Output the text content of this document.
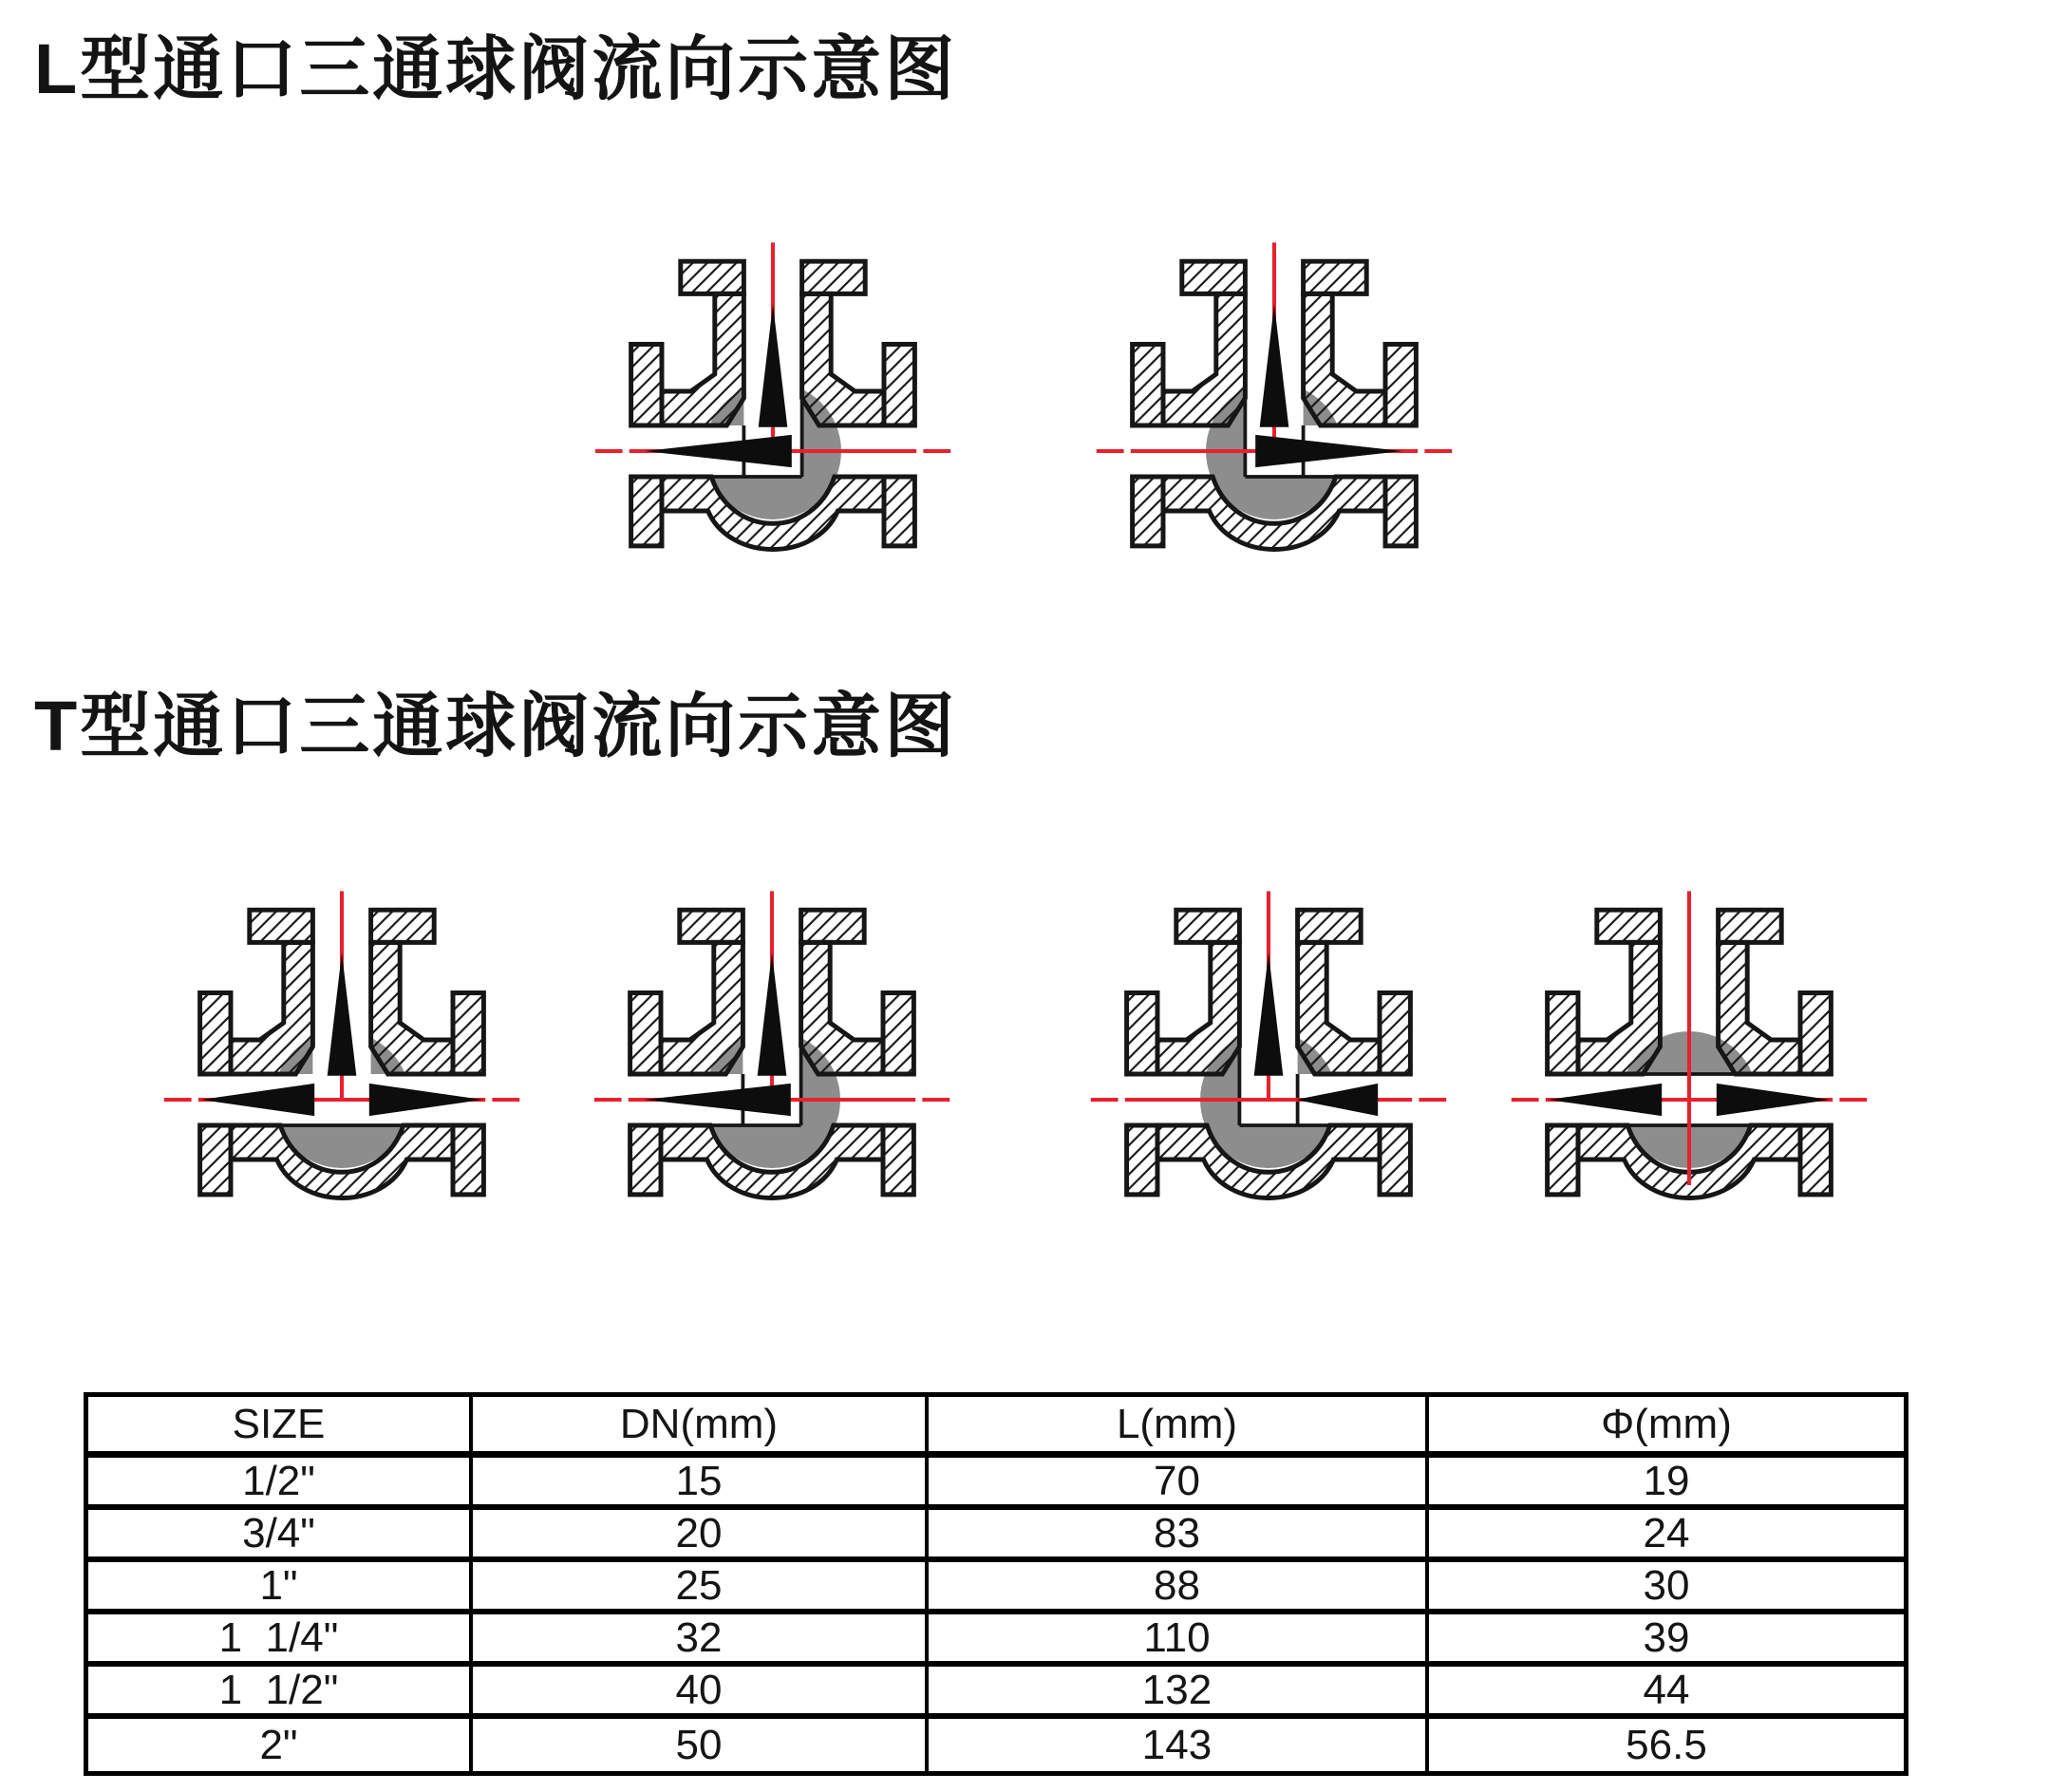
L型通口三通球阀流向示意图
T型通口三通球阀流向示意图
SIZE	DN(mm)	L(mm)	Φ(mm)
1/2"	15	70	19
3/4"	20	83	24
1"	25	88	30
1  1/4"	32	110	39
1  1/2"	40	132	44
2"	50	143	56.5
